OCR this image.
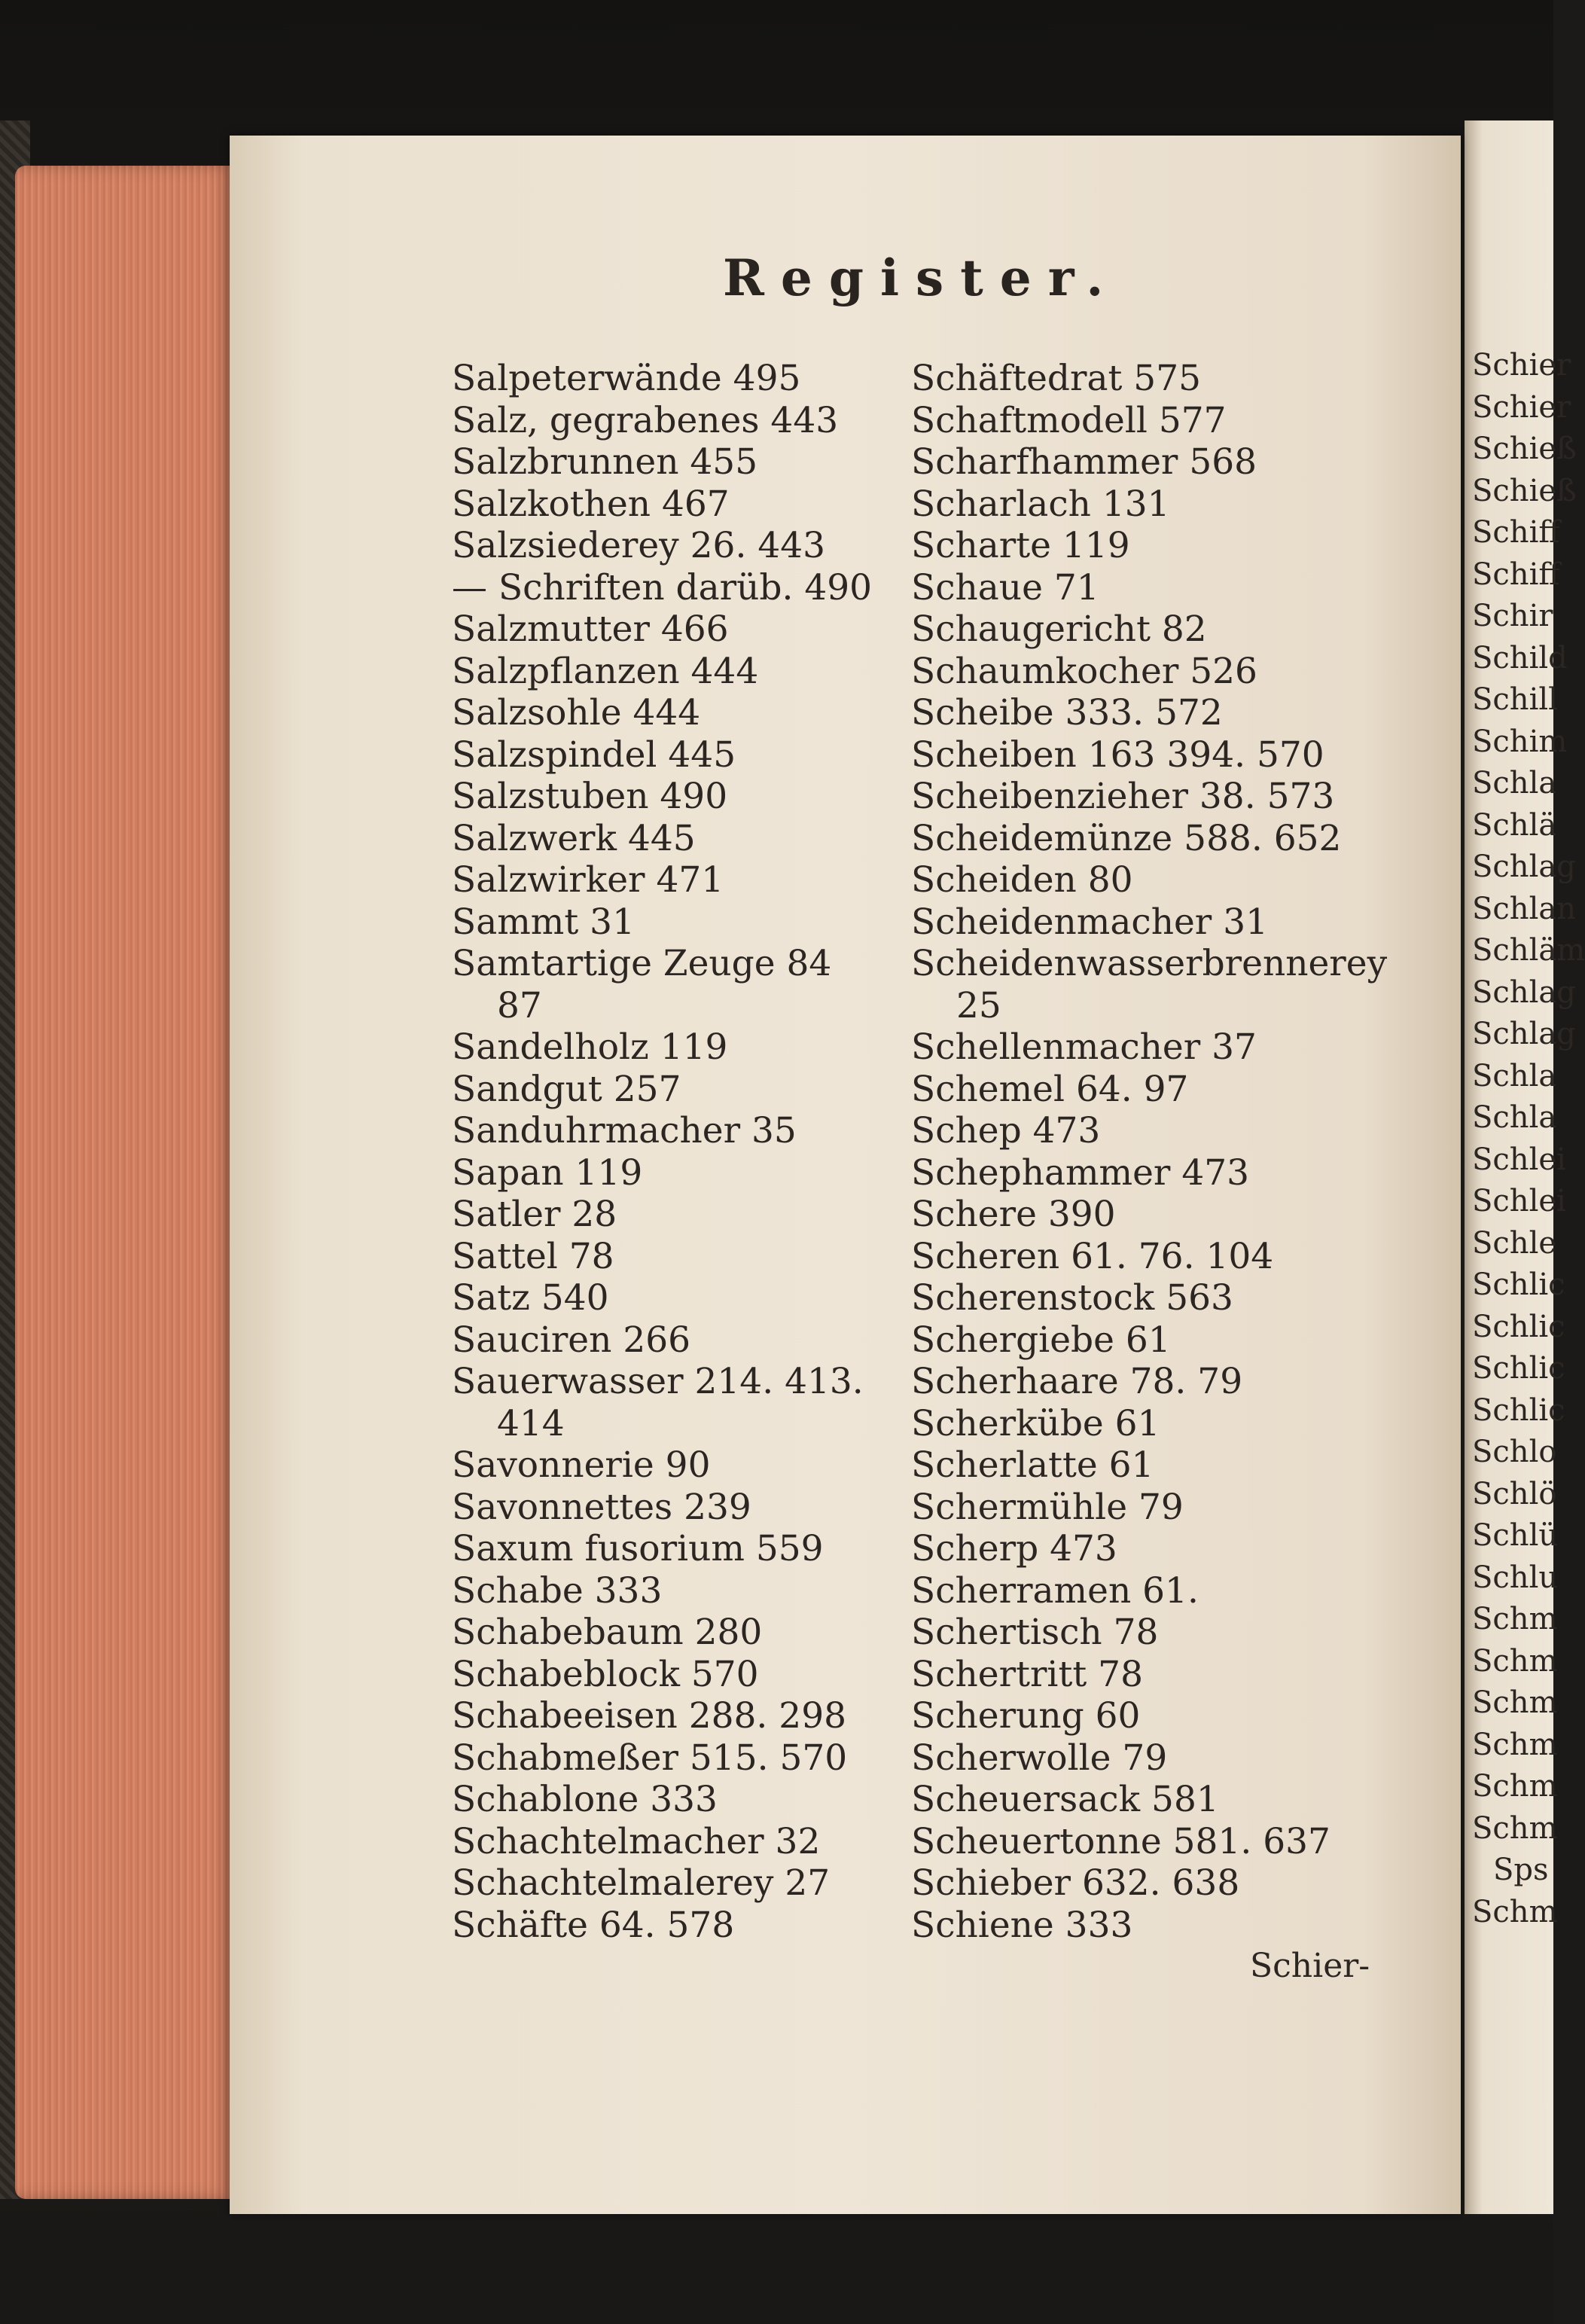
Register.
Salpeterwände 495
Salz, gegrabenes 443
Salzbrunnen 455
Salzkothen 467
Salzsiederey 26. 443
— Schriften darüb. 490
Salzmutter 466
Salzpflanzen 444
Salzsohle 444
Salzspindel 445
Salzstuben 490
Salzwerk 445
Salzwirker 471
Sammt 31
Samtartige Zeuge 84
87
Sandelholz 119
Sandgut 257
Sanduhrmacher 35
Sapan 119
Satler 28
Sattel 78
Satz 540
Sauciren 266
Sauerwasser 214. 413.
414
Savonnerie 90
Savonnettes 239
Saxum fusorium 559
Schabe 333
Schabebaum 280
Schabeblock 570
Schabeeisen 288. 298
Schabmeßer 515. 570
Schablone 333
Schachtelmacher 32
Schachtelmalerey 27
Schäfte 64. 578
Schäftedrat 575
Schaftmodell 577
Scharfhammer 568
Scharlach 131
Scharte 119
Schaue 71
Schaugericht 82
Schaumkocher 526
Scheibe 333. 572
Scheiben 163 394. 570
Scheibenzieher 38. 573
Scheidemünze 588. 652
Scheiden 80
Scheidenmacher 31
Scheidenwasserbrennerey
25
Schellenmacher 37
Schemel 64. 97
Schep 473
Schephammer 473
Schere 390
Scheren 61. 76. 104
Scherenstock 563
Schergiebe 61
Scherhaare 78. 79
Scherkübe 61
Scherlatte 61
Schermühle 79
Scherp 473
Scherramen 61.
Schertisch 78
Schertritt 78
Scherung 60
Scherwolle 79
Scheuersack 581
Scheuertonne 581. 637
Schieber 632. 638
Schiene 333
Schier-
Schier
Schier
Schieß
Schieß
Schiff
Schiff
Schir
Schild
Schill
Schim
Schla
Schlä
Schlag
Schlan
Schläm
Schlag
Schlag
Schla
Schla
Schlei
Schlei
Schle
Schlic
Schlic
Schlic
Schlic
Schlo
Schlö
Schlü
Schlu
Schm
Schm
Schm
Schm
Schm
Schm
Sps
Schm
